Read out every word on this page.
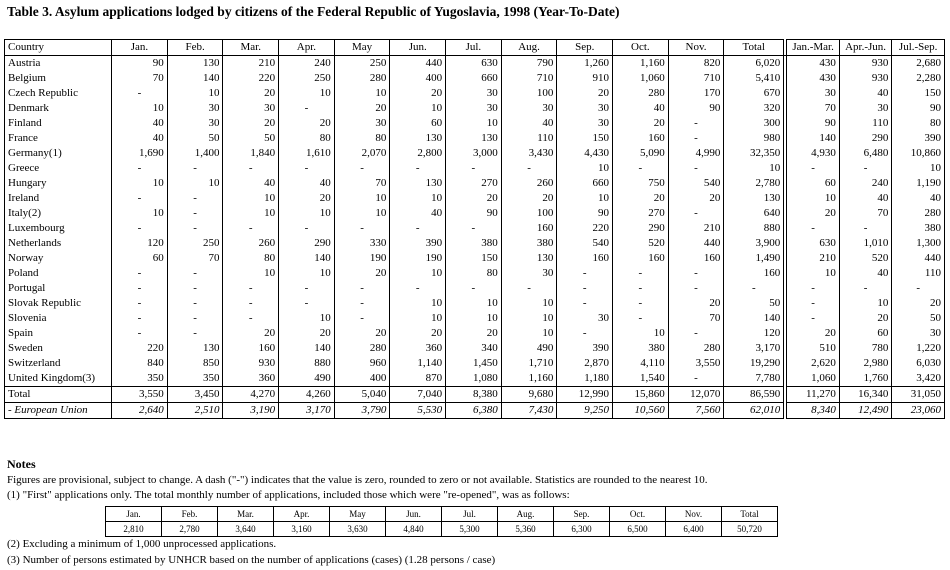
Table 3. Asylum applications lodged by citizens of the Federal Republic of Yugoslavia, 1998 (Year-To-Date)
Country	Jan.	Feb.	Mar.	Apr.	May	Jun.	Jul.	Aug.	Sep.	Oct.	Nov.	Total		Jan.-Mar.	Apr.-Jun.	Jul.-Sep.
Austria	90	130	210	240	250	440	630	790	1,260	1,160	820	6,020		430	930	2,680
Belgium	70	140	220	250	280	400	660	710	910	1,060	710	5,410		430	930	2,280
Czech Republic	-	10	20	10	10	20	30	100	20	280	170	670		30	40	150
Denmark	10	30	30	-	20	10	30	30	30	40	90	320		70	30	90
Finland	40	30	20	20	30	60	10	40	30	20	-	300		90	110	80
France	40	50	50	80	80	130	130	110	150	160	-	980		140	290	390
Germany(1)	1,690	1,400	1,840	1,610	2,070	2,800	3,000	3,430	4,430	5,090	4,990	32,350		4,930	6,480	10,860
Greece	-	-	-	-	-	-	-	-	10	-	-	10		-	-	10
Hungary	10	10	40	40	70	130	270	260	660	750	540	2,780		60	240	1,190
Ireland	-	-	10	20	10	10	20	20	10	20	20	130		10	40	40
Italy(2)	10	-	10	10	10	40	90	100	90	270	-	640		20	70	280
Luxembourg	-	-	-	-	-	-	-	160	220	290	210	880		-	-	380
Netherlands	120	250	260	290	330	390	380	380	540	520	440	3,900		630	1,010	1,300
Norway	60	70	80	140	190	190	150	130	160	160	160	1,490		210	520	440
Poland	-	-	10	10	20	10	80	30	-	-	-	160		10	40	110
Portugal	-	-	-	-	-	-	-	-	-	-	-	-		-	-	-
Slovak Republic	-	-	-	-	-	10	10	10	-	-	20	50		-	10	20
Slovenia	-	-	-	10	-	10	10	10	30	-	70	140		-	20	50
Spain	-	-	20	20	20	20	20	10	-	10	-	120		20	60	30
Sweden	220	130	160	140	280	360	340	490	390	380	280	3,170		510	780	1,220
Switzerland	840	850	930	880	960	1,140	1,450	1,710	2,870	4,110	3,550	19,290		2,620	2,980	6,030
United Kingdom(3)	350	350	360	490	400	870	1,080	1,160	1,180	1,540	-	7,780		1,060	1,760	3,420
Total	3,550	3,450	4,270	4,260	5,040	7,040	8,380	9,680	12,990	15,860	12,070	86,590		11,270	16,340	31,050
- European Union	2,640	2,510	3,190	3,170	3,790	5,530	6,380	7,430	9,250	10,560	7,560	62,010		8,340	12,490	23,060
Notes
Figures are provisional, subject to change. A dash ("-") indicates that the value is zero, rounded to zero or not available. Statistics are rounded to the nearest 10.
(1) "First" applications only. The total monthly number of applications, included those which were "re-opened", was as follows:
Jan.	Feb.	Mar.	Apr.	May	Jun.	Jul.	Aug.	Sep.	Oct.	Nov.	Total
2,810	2,780	3,640	3,160	3,630	4,840	5,300	5,360	6,300	6,500	6,400	50,720
(2) Excluding a minimum of 1,000 unprocessed applications.
(3) Number of persons estimated by UNHCR based on the number of applications (cases) (1.28 persons / case)
